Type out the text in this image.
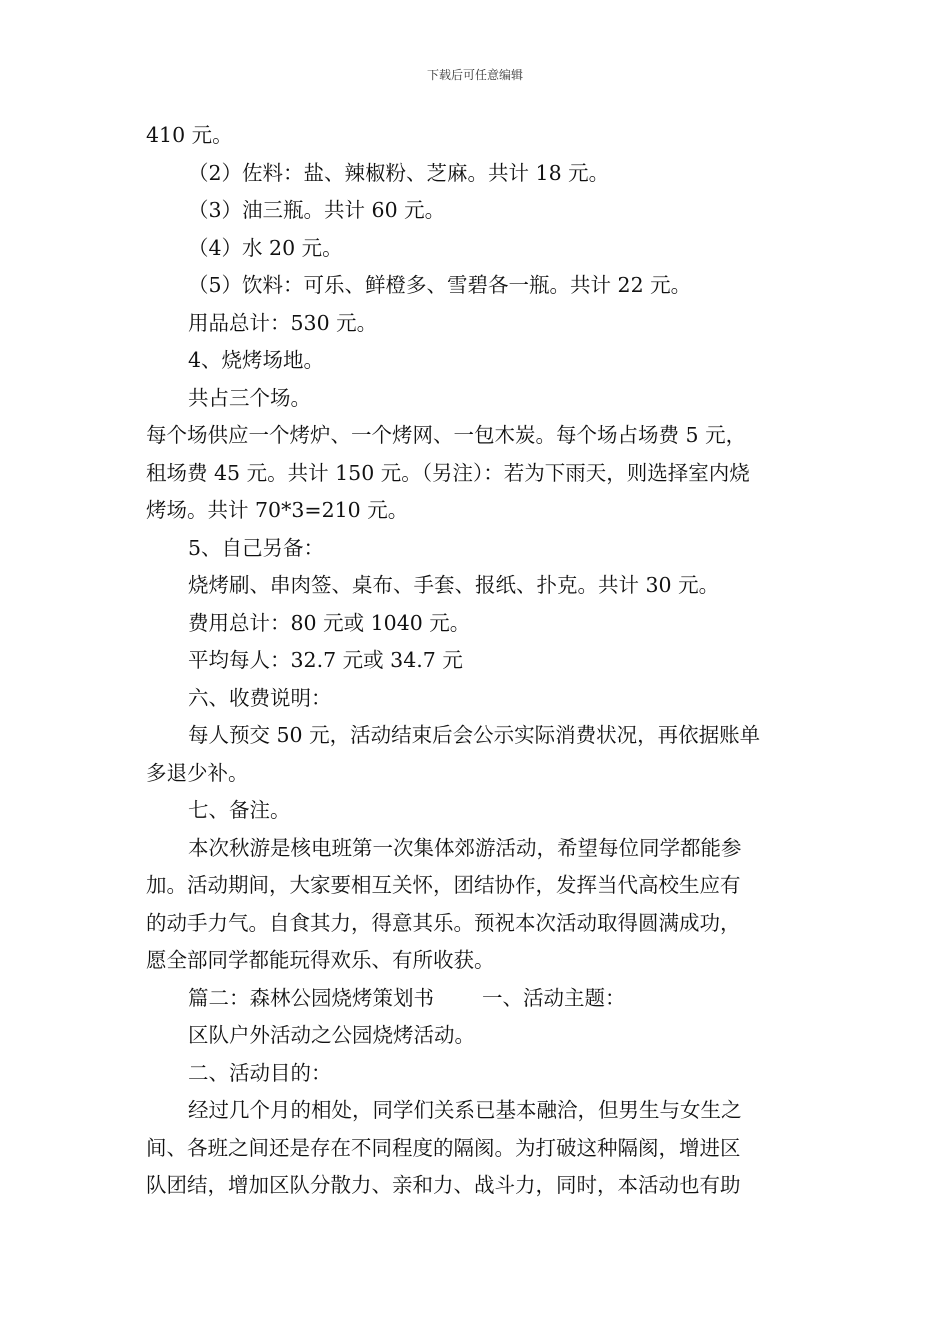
下载后可任意编辑
410 元。
（2）佐料：盐、辣椒粉、芝麻。共计 18 元。
（3）油三瓶。共计 60 元。
（4）水 20 元。
（5）饮料：可乐、鲜橙多、雪碧各一瓶。共计 22 元。
用品总计：530 元。
4、烧烤场地。
共占三个场。
每个场供应一个烤炉、一个烤网、一包木炭。每个场占场费 5 元，
租场费 45 元。共计 150 元。（另注）：若为下雨天，则选择室内烧
烤场。共计 70*3=210 元。
5、自己另备：
烧烤刷、串肉签、桌布、手套、报纸、扑克。共计 30 元。
费用总计：80 元或 1040 元。
平均每人：32.7 元或 34.7 元
六、收费说明：
每人预交 50 元，活动结束后会公示实际消费状况，再依据账单
多退少补。
七、备注。
本次秋游是核电班第一次集体郊游活动，希望每位同学都能参
加。活动期间，大家要相互关怀，团结协作，发挥当代高校生应有
的动手力气。自食其力，得意其乐。预祝本次活动取得圆满成功，
愿全部同学都能玩得欢乐、有所收获。
篇二：森林公园烧烤策划书 一、活动主题：
区队户外活动之公园烧烤活动。
二、活动目的：
经过几个月的相处，同学们关系已基本融洽，但男生与女生之
间、各班之间还是存在不同程度的隔阂。为打破这种隔阂，增进区
队团结，增加区队分散力、亲和力、战斗力，同时，本活动也有助
